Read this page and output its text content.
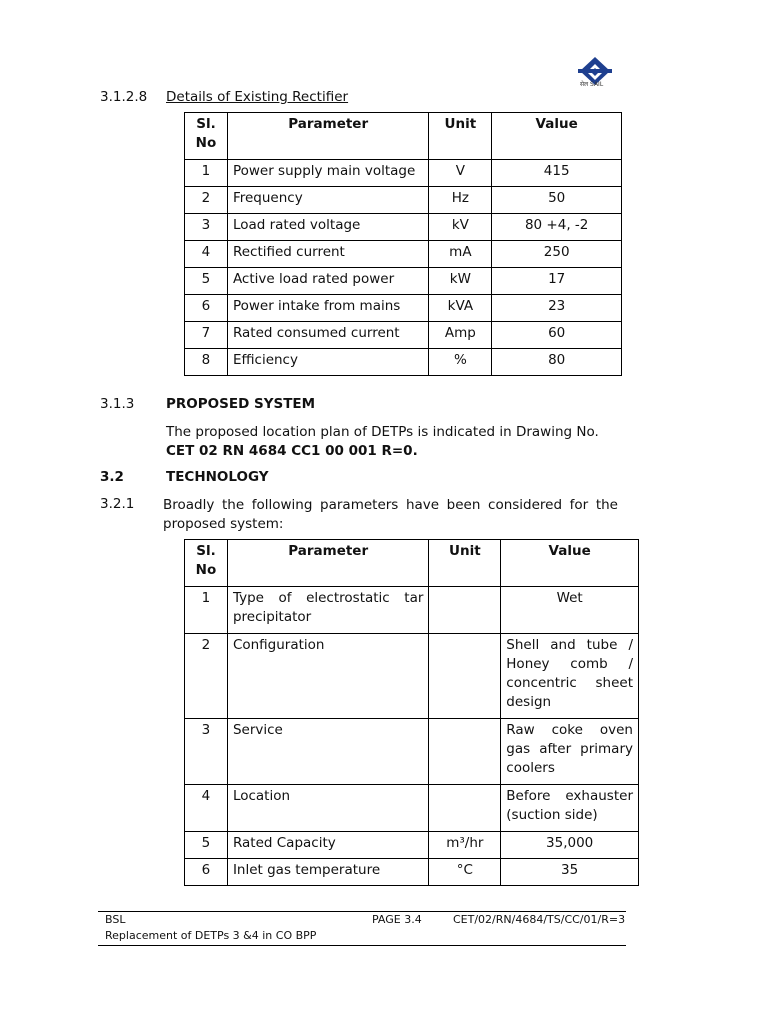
सेल SAIL
3.1.2.8 Details of Existing Rectifier
Sl. No	Parameter	Unit	Value
1	Power supply main voltage	V	415
2	Frequency	Hz	50
3	Load rated voltage	kV	80 +4, -2
4	Rectified current	mA	250
5	Active load rated power	kW	17
6	Power intake from mains	kVA	23
7	Rated consumed current	Amp	60
8	Efficiency	%	80
3.1.3 PROPOSED SYSTEM
The proposed location plan of DETPs is indicated in Drawing No. CET 02 RN 4684 CC1 00 001 R=0.
3.2	TECHNOLOGY
3.2.1 Broadly the following parameters have been considered for the proposed system:
Sl. No	Parameter	Unit	Value
1	Type of electrostatic tar precipitator		Wet
2	Configuration		Shell and tube / Honey comb / concentric sheet design
3	Service		Raw coke oven gas after primary coolers
4	Location		Before exhauster (suction side)
5	Rated Capacity	m³/hr	35,000
6	Inlet gas temperature	°C	35
BSL	PAGE 3.4	CET/02/RN/4684/TS/CC/01/R=3
Replacement of DETPs 3 &4 in CO BPP
